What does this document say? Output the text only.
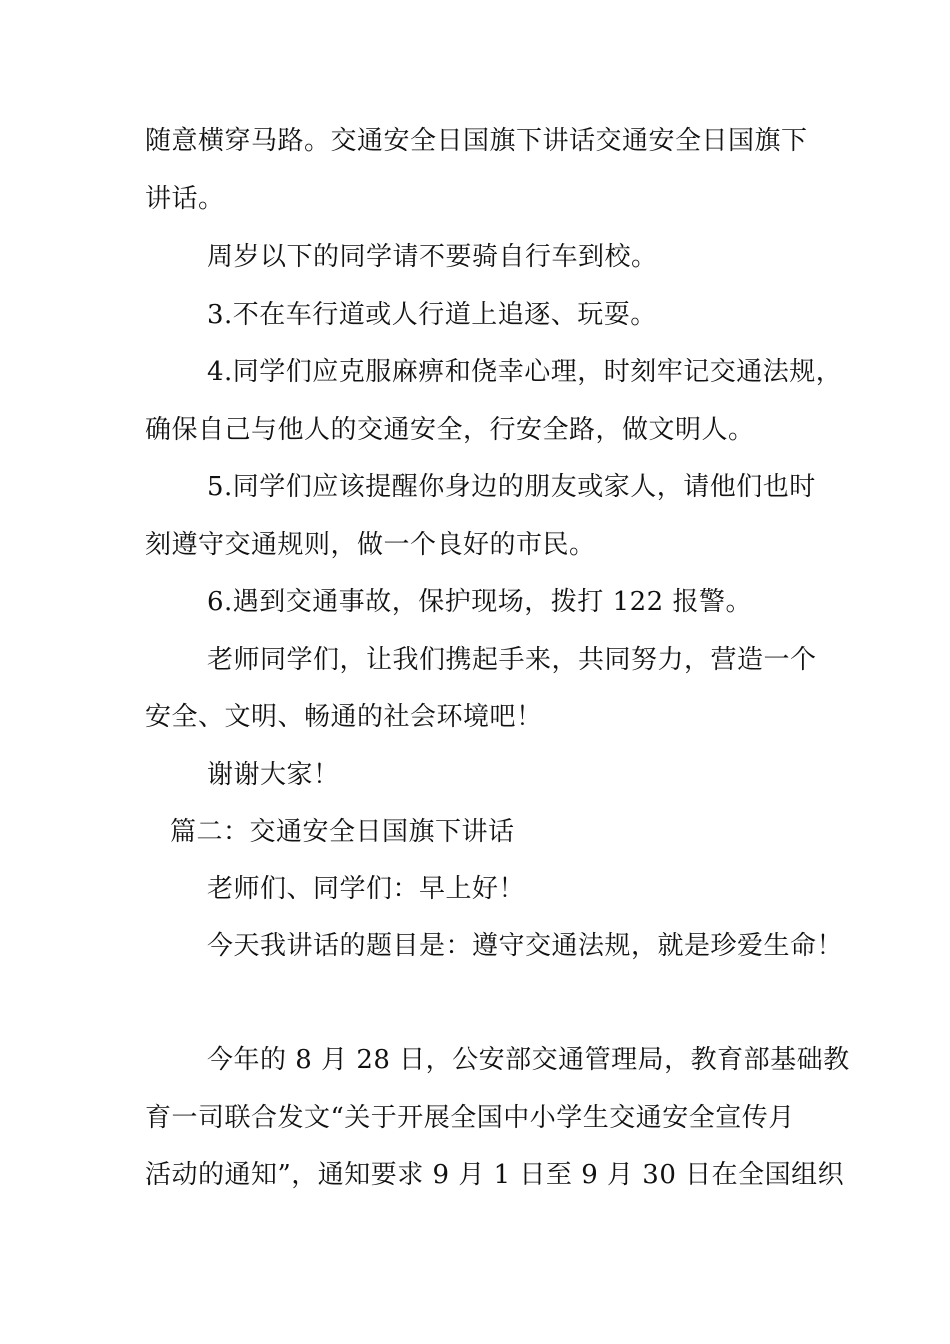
随意横穿马路。交通安全日国旗下讲话交通安全日国旗下
讲话。
周岁以下的同学请不要骑自行车到校。
3.不在车行道或人行道上追逐、玩耍。
4.同学们应克服麻痹和侥幸心理，时刻牢记交通法规，
确保自己与他人的交通安全，行安全路，做文明人。
5.同学们应该提醒你身边的朋友或家人，请他们也时
刻遵守交通规则，做一个良好的市民。
6.遇到交通事故，保护现场，拨打 122 报警。
老师同学们，让我们携起手来，共同努力，营造一个
安全、文明、畅通的社会环境吧！
谢谢大家！
篇二：交通安全日国旗下讲话
老师们、同学们：早上好！
今天我讲话的题目是：遵守交通法规，就是珍爱生命！
今年的 8 月 28 日，公安部交通管理局，教育部基础教
育一司联合发文“关于开展全国中小学生交通安全宣传月
活动的通知”，通知要求 9 月 1 日至 9 月 30 日在全国组织
